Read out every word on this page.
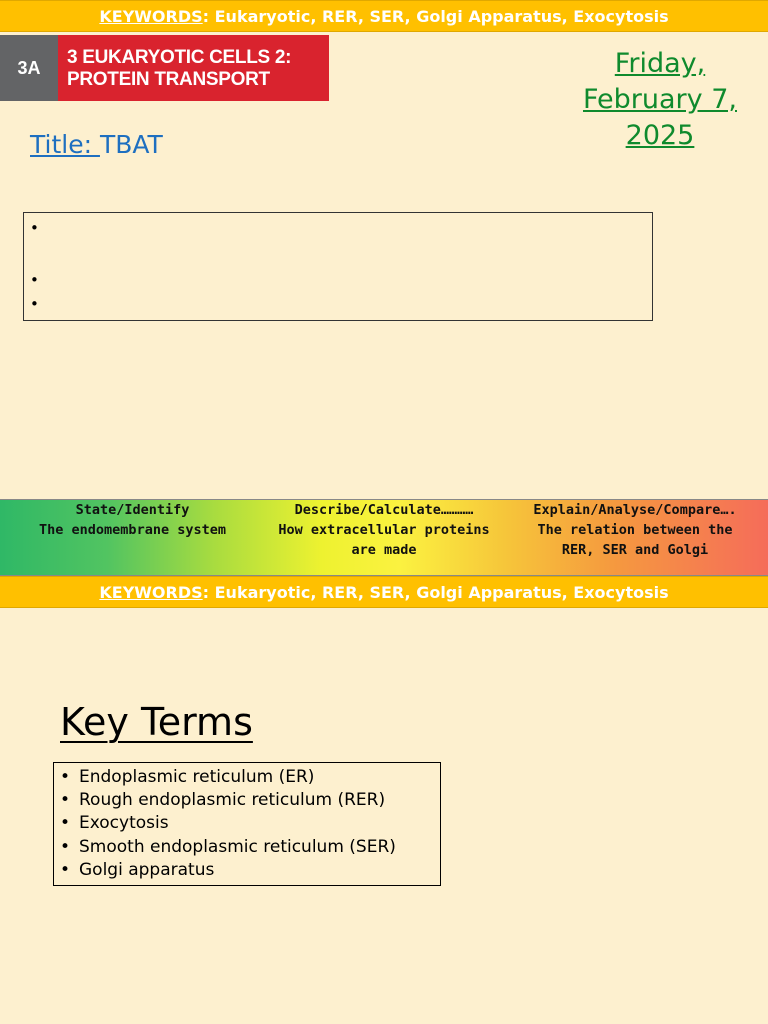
KEYWORDS: Eukaryotic, RER, SER, Golgi Apparatus, Exocytosis
3A	3 EUKARYOTIC CELLS 2:
PROTEIN TRANSPORT
Friday,
February 7,
2025
Title: TBAT
•
•
•
State/Identify
The endomembrane system
Describe/Calculate…………
How extracellular proteins
are made
Explain/Analyse/Compare….
The relation between the
RER, SER and Golgi
KEYWORDS: Eukaryotic, RER, SER, Golgi Apparatus, Exocytosis
Key Terms
• Endoplasmic reticulum (ER)
• Rough endoplasmic reticulum (RER)
• Exocytosis
• Smooth endoplasmic reticulum (SER)
• Golgi apparatus
